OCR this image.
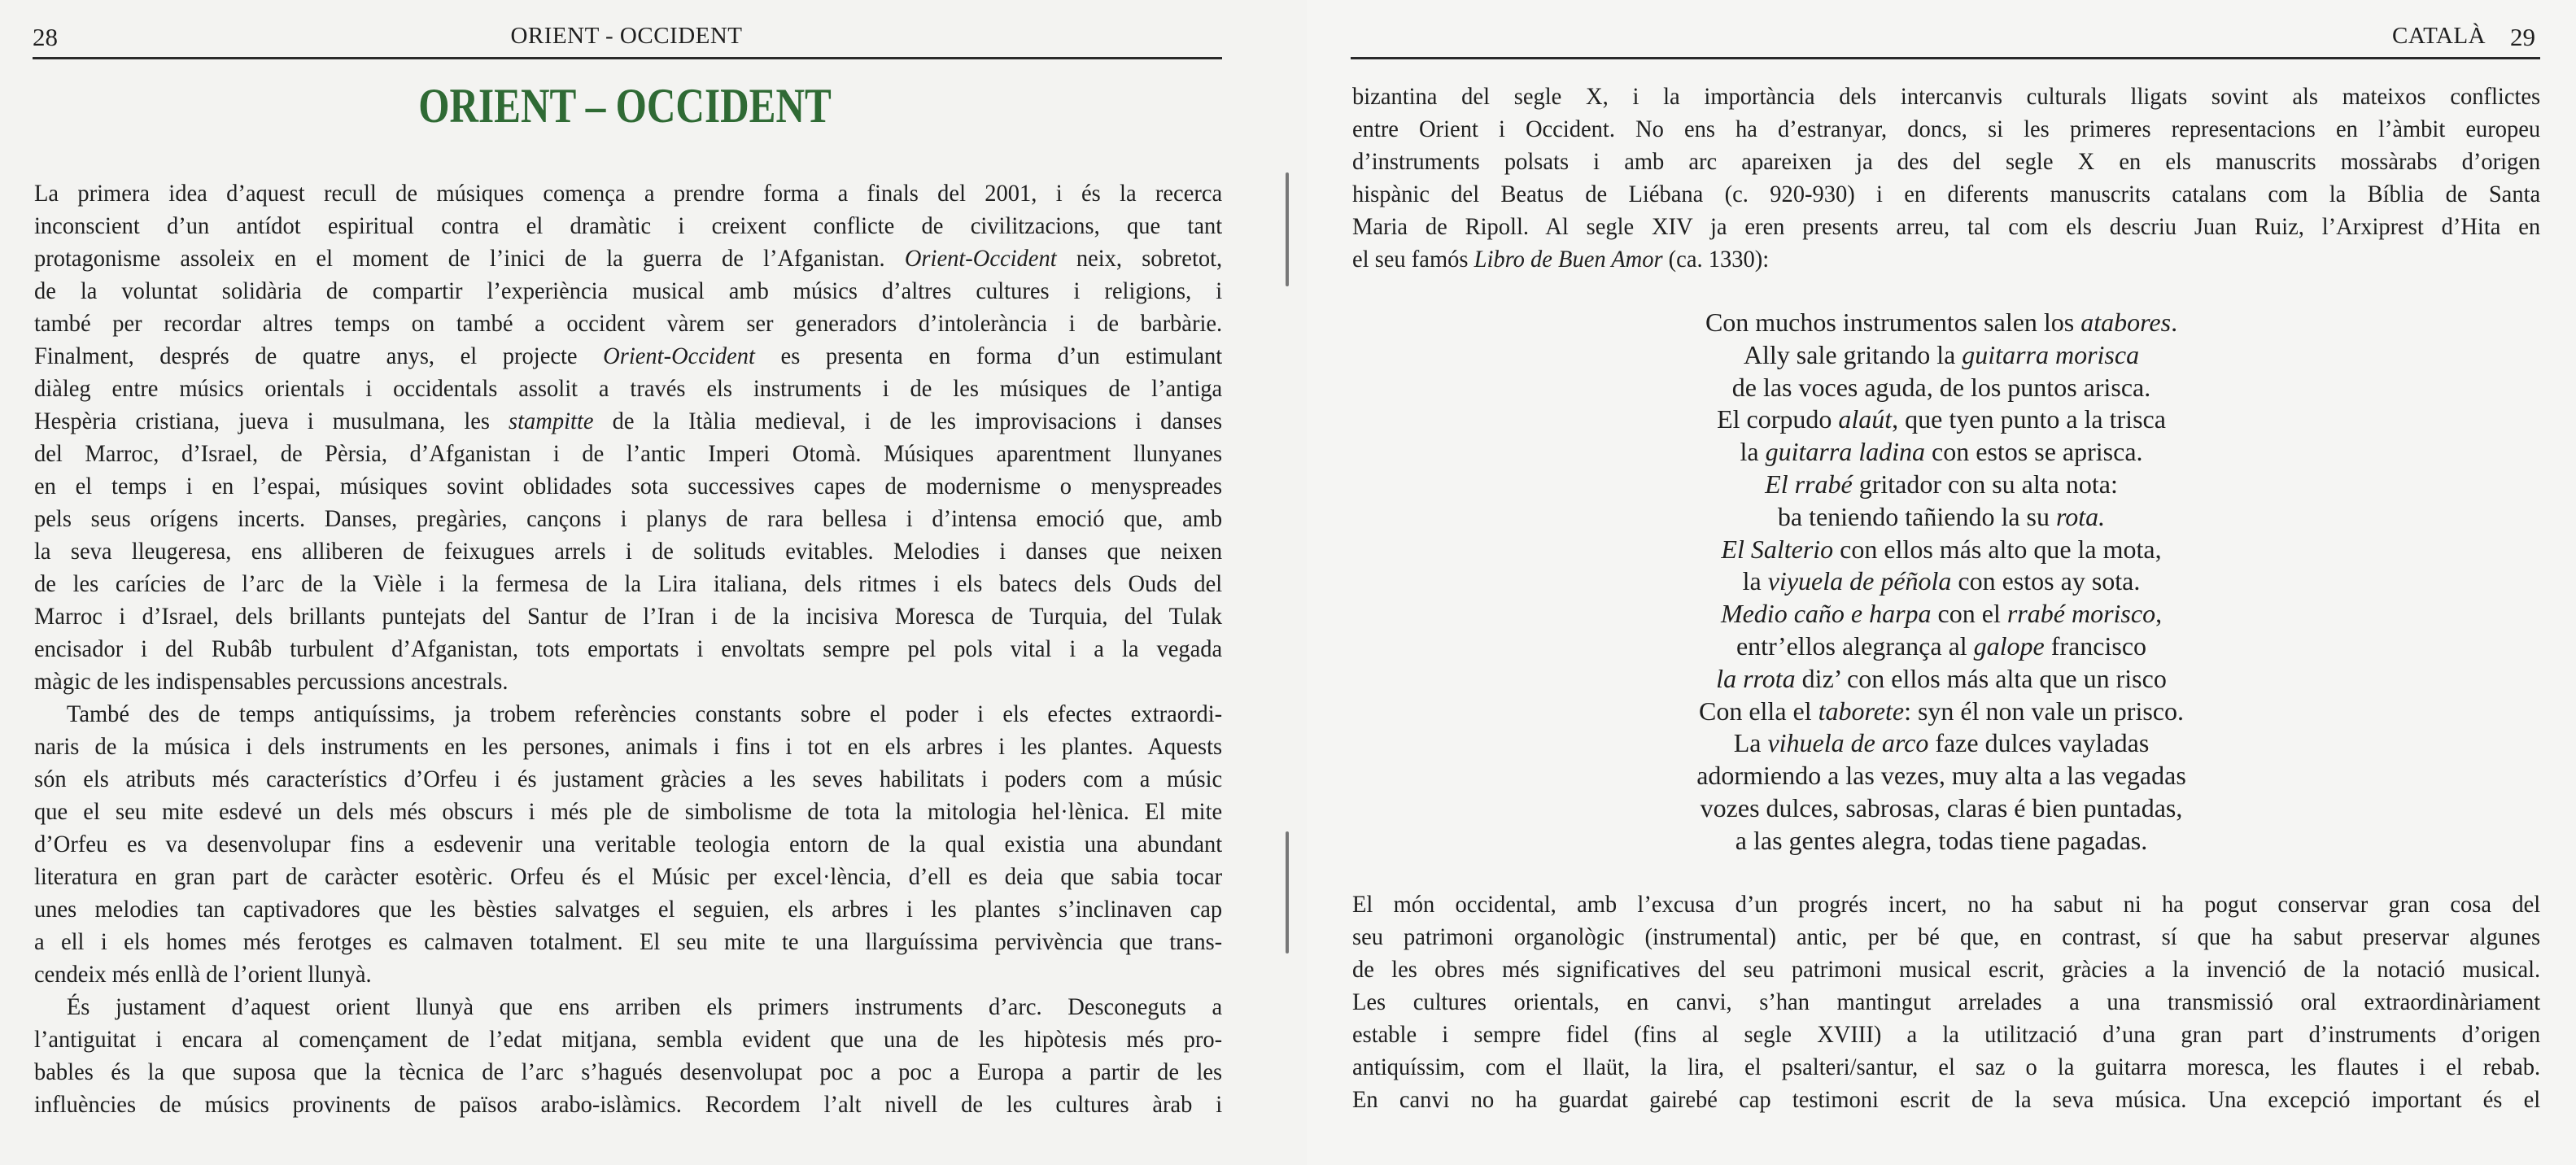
28	ORIENT - OCCIDENT
ORIENT – OCCIDENT
La primera idea d’aquest recull de músiques comença a prendre forma a finals del 2001, i és la recerca
inconscient d’un antídot espiritual contra el dramàtic i creixent conflicte de civilitzacions, que tant
protagonisme assoleix en el moment de l’inici de la guerra de l’Afganistan. Orient-Occident neix, sobretot,
de la voluntat solidària de compartir l’experiència musical amb músics d’altres cultures i religions, i
també per recordar altres temps on també a occident vàrem ser generadors d’intolerància i de barbàrie.
Finalment, després de quatre anys, el projecte Orient-Occident es presenta en forma d’un estimulant
diàleg entre músics orientals i occidentals assolit a través els instruments i de les músiques de l’antiga
Hespèria cristiana, jueva i musulmana, les stampitte de la Itàlia medieval, i de les improvisacions i danses
del Marroc, d’Israel, de Pèrsia, d’Afganistan i de l’antic Imperi Otomà. Músiques aparentment llunyanes
en el temps i en l’espai, músiques sovint oblidades sota successives capes de modernisme o menyspreades
pels seus orígens incerts. Danses, pregàries, cançons i planys de rara bellesa i d’intensa emoció que, amb
la seva lleugeresa, ens alliberen de feixugues arrels i de solituds evitables. Melodies i danses que neixen
de les carícies de l’arc de la Vièle i la fermesa de la Lira italiana, dels ritmes i els batecs dels Ouds del
Marroc i d’Israel, dels brillants puntejats del Santur de l’Iran i de la incisiva Moresca de Turquia, del Tulak
encisador i del Rubâb turbulent d’Afganistan, tots emportats i envoltats sempre pel pols vital i a la vegada
màgic de les indispensables percussions ancestrals.
També des de temps antiquíssims, ja trobem referències constants sobre el poder i els efectes extraordi-
naris de la música i dels instruments en les persones, animals i fins i tot en els arbres i les plantes. Aquests
són els atributs més característics d’Orfeu i és justament gràcies a les seves habilitats i poders com a músic
que el seu mite esdevé un dels més obscurs i més ple de simbolisme de tota la mitologia hel·lènica. El mite
d’Orfeu es va desenvolupar fins a esdevenir una veritable teologia entorn de la qual existia una abundant
literatura en gran part de caràcter esotèric. Orfeu és el Músic per excel·lència, d’ell es deia que sabia tocar
unes melodies tan captivadores que les bèsties salvatges el seguien, els arbres i les plantes s’inclinaven cap
a ell i els homes més ferotges es calmaven totalment. El seu mite te una llarguíssima pervivència que trans-
cendeix més enllà de l’orient llunyà.
És justament d’aquest orient llunyà que ens arriben els primers instruments d’arc. Desconeguts a
l’antiguitat i encara al començament de l’edat mitjana, sembla evident que una de les hipòtesis més pro-
bables és la que suposa que la tècnica de l’arc s’hagués desenvolupat poc a poc a Europa a partir de les
influències de músics provinents de països arabo-islàmics. Recordem l’alt nivell de les cultures àrab i
CATALÀ 29
bizantina del segle X, i la importància dels intercanvis culturals lligats sovint als mateixos conflictes
entre Orient i Occident. No ens ha d’estranyar, doncs, si les primeres representacions en l’àmbit europeu
d’instruments polsats i amb arc apareixen ja des del segle X en els manuscrits mossàrabs d’origen
hispànic del Beatus de Liébana (c. 920-930) i en diferents manuscrits catalans com la Bíblia de Santa
Maria de Ripoll. Al segle XIV ja eren presents arreu, tal com els descriu Juan Ruiz, l’Arxiprest d’Hita en
el seu famós Libro de Buen Amor (ca. 1330):
Con muchos instrumentos salen los atabores.
Ally sale gritando la guitarra morisca
de las voces aguda, de los puntos arisca.
El corpudo alaút, que tyen punto a la trisca
la guitarra ladina con estos se aprisca.
El rrabé gritador con su alta nota:
ba teniendo tañiendo la su rota.
El Salterio con ellos más alto que la mota,
la viyuela de péñola con estos ay sota.
Medio caño e harpa con el rrabé morisco,
entr’ellos alegrança al galope francisco
la rrota diz’ con ellos más alta que un risco
Con ella el taborete: syn él non vale un prisco.
La vihuela de arco faze dulces vayladas
adormiendo a las vezes, muy alta a las vegadas
vozes dulces, sabrosas, claras é bien puntadas,
a las gentes alegra, todas tiene pagadas.
El món occidental, amb l’excusa d’un progrés incert, no ha sabut ni ha pogut conservar gran cosa del
seu patrimoni organològic (instrumental) antic, per bé que, en contrast, sí que ha sabut preservar algunes
de les obres més significatives del seu patrimoni musical escrit, gràcies a la invenció de la notació musical.
Les cultures orientals, en canvi, s’han mantingut arrelades a una transmissió oral extraordinàriament
estable i sempre fidel (fins al segle XVIII) a la utilització d’una gran part d’instruments d’origen
antiquíssim, com el llaüt, la lira, el psalteri/santur, el saz o la guitarra moresca, les flautes i el rebab.
En canvi no ha guardat gairebé cap testimoni escrit de la seva música. Una excepció important és el
